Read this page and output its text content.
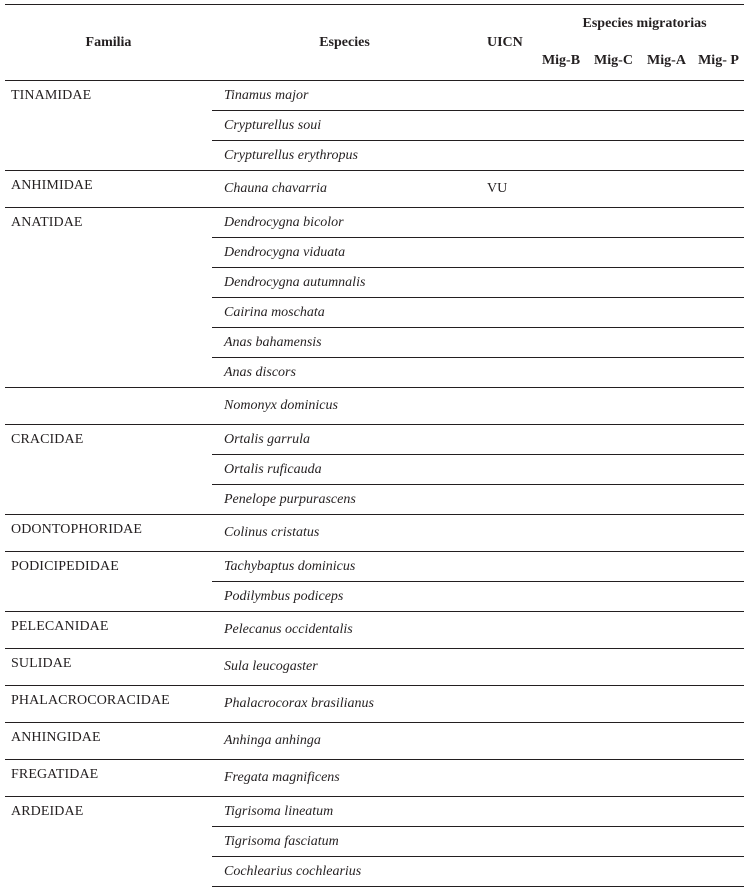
Familia	Especies	UICN	Especies migratorias			
			Mig-B	Mig-C	Mig-A	Mig- P
TINAMIDAE	Tinamus major					
	Crypturellus soui					
	Crypturellus erythropus					
ANHIMIDAE	Chauna chavarria	VU				
ANATIDAE	Dendrocygna bicolor					
	Dendrocygna viduata					
	Dendrocygna autumnalis					
	Cairina moschata					
	Anas bahamensis					
	Anas discors					
	Nomonyx dominicus					
CRACIDAE	Ortalis garrula					
	Ortalis ruficauda					
	Penelope purpurascens					
ODONTOPHORIDAE	Colinus cristatus					
PODICIPEDIDAE	Tachybaptus dominicus					
	Podilymbus podiceps					
PELECANIDAE	Pelecanus occidentalis					
SULIDAE	Sula leucogaster					
PHALACROCORACIDAE	Phalacrocorax brasilianus					
ANHINGIDAE	Anhinga anhinga					
FREGATIDAE	Fregata magnificens					
ARDEIDAE	Tigrisoma lineatum					
	Tigrisoma fasciatum					
	Cochlearius cochlearius					
